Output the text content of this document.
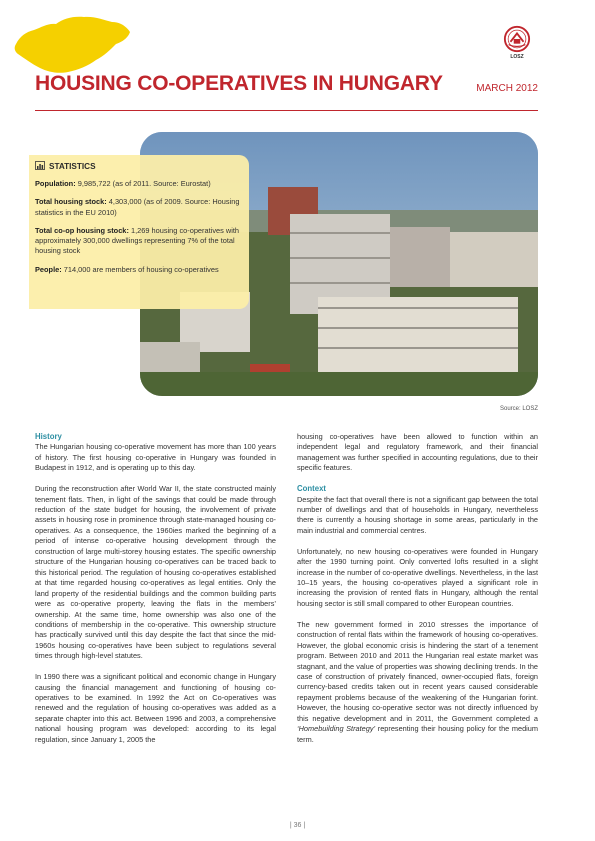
LOSZ
HOUSING CO-OPERATIVES IN HUNGARY	MARCH 2012
STATISTICS
Population: 9,985,722 (as of 2011. Source: Eurostat)
Total housing stock: 4,303,000 (as of 2009. Source: Housing statistics in the EU 2010)
Total co-op housing stock: 1,269 housing co-operatives with approximately 300,000 dwellings representing 7% of the total housing stock
People: 714,000 are members of housing co-operatives
Source: LOSZ
History

The Hungarian housing co-operative movement has more than 100 years of history. The first housing co-operative in Hungary was founded in Budapest in 1912, and is operating up to this day.

During the reconstruction after World War II, the state constructed mainly tenement flats. Then, in light of the savings that could be made through reduction of the state budget for housing, the involvement of private assets in housing rose in prominence through state-managed housing co-operatives. As a consequence, the 1960ies marked the beginning of a period of intense co-operative housing development through the construction of large multi-storey housing estates. The specific ownership structure of the Hungarian housing co-operatives can be traced back to this historical period. The regulation of housing co-operatives established at that time regarded housing co-operatives as legal entities. Only the land property of the residential buildings and the common building parts were as co-operative property, leaving the flats in the members’ ownership. At the same time, home ownership was also one of the conditions of membership in the co-operative. This ownership structure has practically survived until this day despite the fact that since the mid-1960s housing co-operatives have been subject to regulations several times through high-level statutes.

In 1990 there was a significant political and economic change in Hungary causing the financial management and functioning of housing co-operatives to be examined. In 1992 the Act on Co-operatives was renewed and the regulation of housing co-operatives was added as a separate chapter into this act. Between 1996 and 2003, a comprehensive national housing program was developed: according to its legal regulation, since January 1, 2005 the

housing co-operatives have been allowed to function within an independent legal and regulatory framework, and their financial management was further specified in accounting regulations, due to their specific features.

Context

Despite the fact that overall there is not a significant gap between the total number of dwellings and that of households in Hungary, nevertheless there is currently a housing shortage in some areas, particularly in the main industrial and commercial centres.

Unfortunately, no new housing co-operatives were founded in Hungary after the 1990 turning point. Only converted lofts resulted in a slight increase in the number of co-operative dwellings. Nevertheless, in the last 10–15 years, the housing co-operatives played a significant role in increasing the provision of rented flats in Hungary, although the rental housing sector is still small compared to other European countries.

The new government formed in 2010 stresses the importance of construction of rental flats within the framework of housing co-operatives. However, the global economic crisis is hindering the start of a tenement program. Between 2010 and 2011 the Hungarian real estate market was stagnant, and the value of properties was showing declining trends. In the case of construction of privately financed, owner-occupied flats, foreign currency-based credits taken out in recent years caused considerable repayment problems because of the weakening of the Hungarian forint. However, the housing co-operative sector was not directly influenced by this negative development and in 2011, the Government completed a ‘Homebuilding Strategy’ representing their housing policy for the medium term.

| 36 |
